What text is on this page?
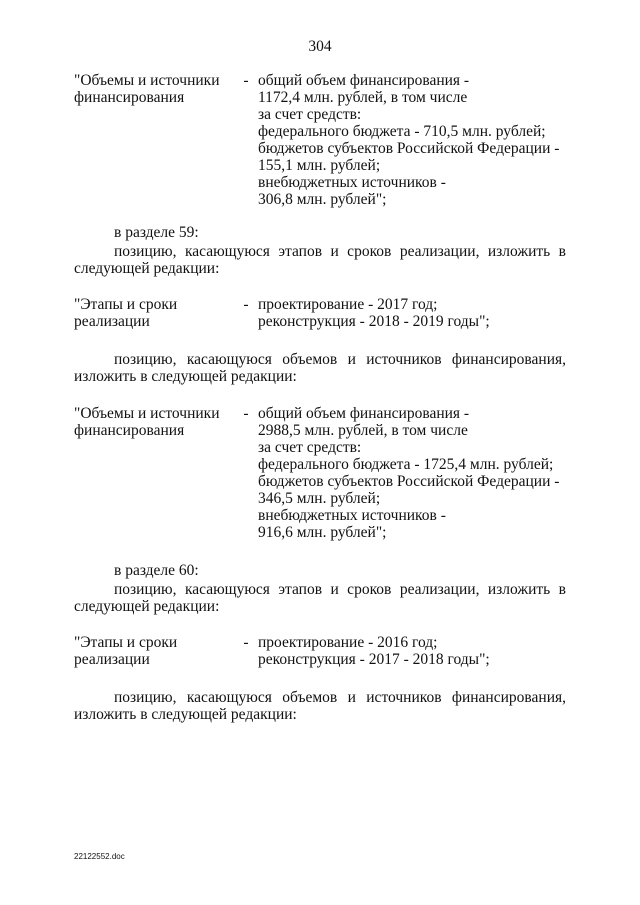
304
"Объемы и источники
финансирования
- общий объем финансирования -
1172,4 млн. рублей, в том числе
за счет средств:
федерального бюджета - 710,5 млн. рублей;
бюджетов субъектов Российской Федерации -
155,1 млн. рублей;
внебюджетных источников -
306,8 млн. рублей";
в разделе 59:
позицию, касающуюся этапов и сроков реализации, изложить в
следующей редакции:
"Этапы и сроки
реализации
- проектирование - 2017 год;
реконструкция - 2018 - 2019 годы";
позицию, касающуюся объемов и источников финансирования,
изложить в следующей редакции:
"Объемы и источники
финансирования
- общий объем финансирования -
2988,5 млн. рублей, в том числе
за счет средств:
федерального бюджета - 1725,4 млн. рублей;
бюджетов субъектов Российской Федерации -
346,5 млн. рублей;
внебюджетных источников -
916,6 млн. рублей";
в разделе 60:
позицию, касающуюся этапов и сроков реализации, изложить в
следующей редакции:
"Этапы и сроки
реализации
- проектирование - 2016 год;
реконструкция - 2017 - 2018 годы";
позицию, касающуюся объемов и источников финансирования,
изложить в следующей редакции:
22122552.doc
